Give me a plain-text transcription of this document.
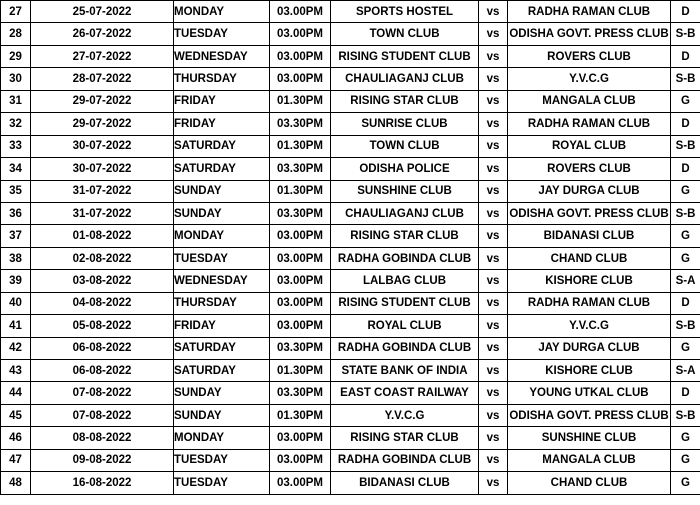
27	25-07-2022	MONDAY	03.00PM	SPORTS HOSTEL	vs	RADHA RAMAN CLUB	D
28	26-07-2022	TUESDAY	03.00PM	TOWN CLUB	vs	ODISHA GOVT. PRESS CLUB	S-B
29	27-07-2022	WEDNESDAY	03.00PM	RISING STUDENT CLUB	vs	ROVERS CLUB	D
30	28-07-2022	THURSDAY	03.00PM	CHAULIAGANJ CLUB	vs	Y.V.C.G	S-B
31	29-07-2022	FRIDAY	01.30PM	RISING STAR CLUB	vs	MANGALA CLUB	G
32	29-07-2022	FRIDAY	03.30PM	SUNRISE CLUB	vs	RADHA RAMAN CLUB	D
33	30-07-2022	SATURDAY	01.30PM	TOWN CLUB	vs	ROYAL CLUB	S-B
34	30-07-2022	SATURDAY	03.30PM	ODISHA POLICE	vs	ROVERS CLUB	D
35	31-07-2022	SUNDAY	01.30PM	SUNSHINE CLUB	vs	JAY DURGA CLUB	G
36	31-07-2022	SUNDAY	03.30PM	CHAULIAGANJ CLUB	vs	ODISHA GOVT. PRESS CLUB	S-B
37	01-08-2022	MONDAY	03.00PM	RISING STAR CLUB	vs	BIDANASI CLUB	G
38	02-08-2022	TUESDAY	03.00PM	RADHA GOBINDA CLUB	vs	CHAND CLUB	G
39	03-08-2022	WEDNESDAY	03.00PM	LALBAG CLUB	vs	KISHORE CLUB	S-A
40	04-08-2022	THURSDAY	03.00PM	RISING STUDENT CLUB	vs	RADHA RAMAN CLUB	D
41	05-08-2022	FRIDAY	03.00PM	ROYAL CLUB	vs	Y.V.C.G	S-B
42	06-08-2022	SATURDAY	03.30PM	RADHA GOBINDA CLUB	vs	JAY DURGA CLUB	G
43	06-08-2022	SATURDAY	01.30PM	STATE BANK OF INDIA	vs	KISHORE CLUB	S-A
44	07-08-2022	SUNDAY	03.30PM	EAST COAST RAILWAY	vs	YOUNG UTKAL CLUB	D
45	07-08-2022	SUNDAY	01.30PM	Y.V.C.G	vs	ODISHA GOVT. PRESS CLUB	S-B
46	08-08-2022	MONDAY	03.00PM	RISING STAR CLUB	vs	SUNSHINE CLUB	G
47	09-08-2022	TUESDAY	03.00PM	RADHA GOBINDA CLUB	vs	MANGALA CLUB	G
48	16-08-2022	TUESDAY	03.00PM	BIDANASI CLUB	vs	CHAND CLUB	G
